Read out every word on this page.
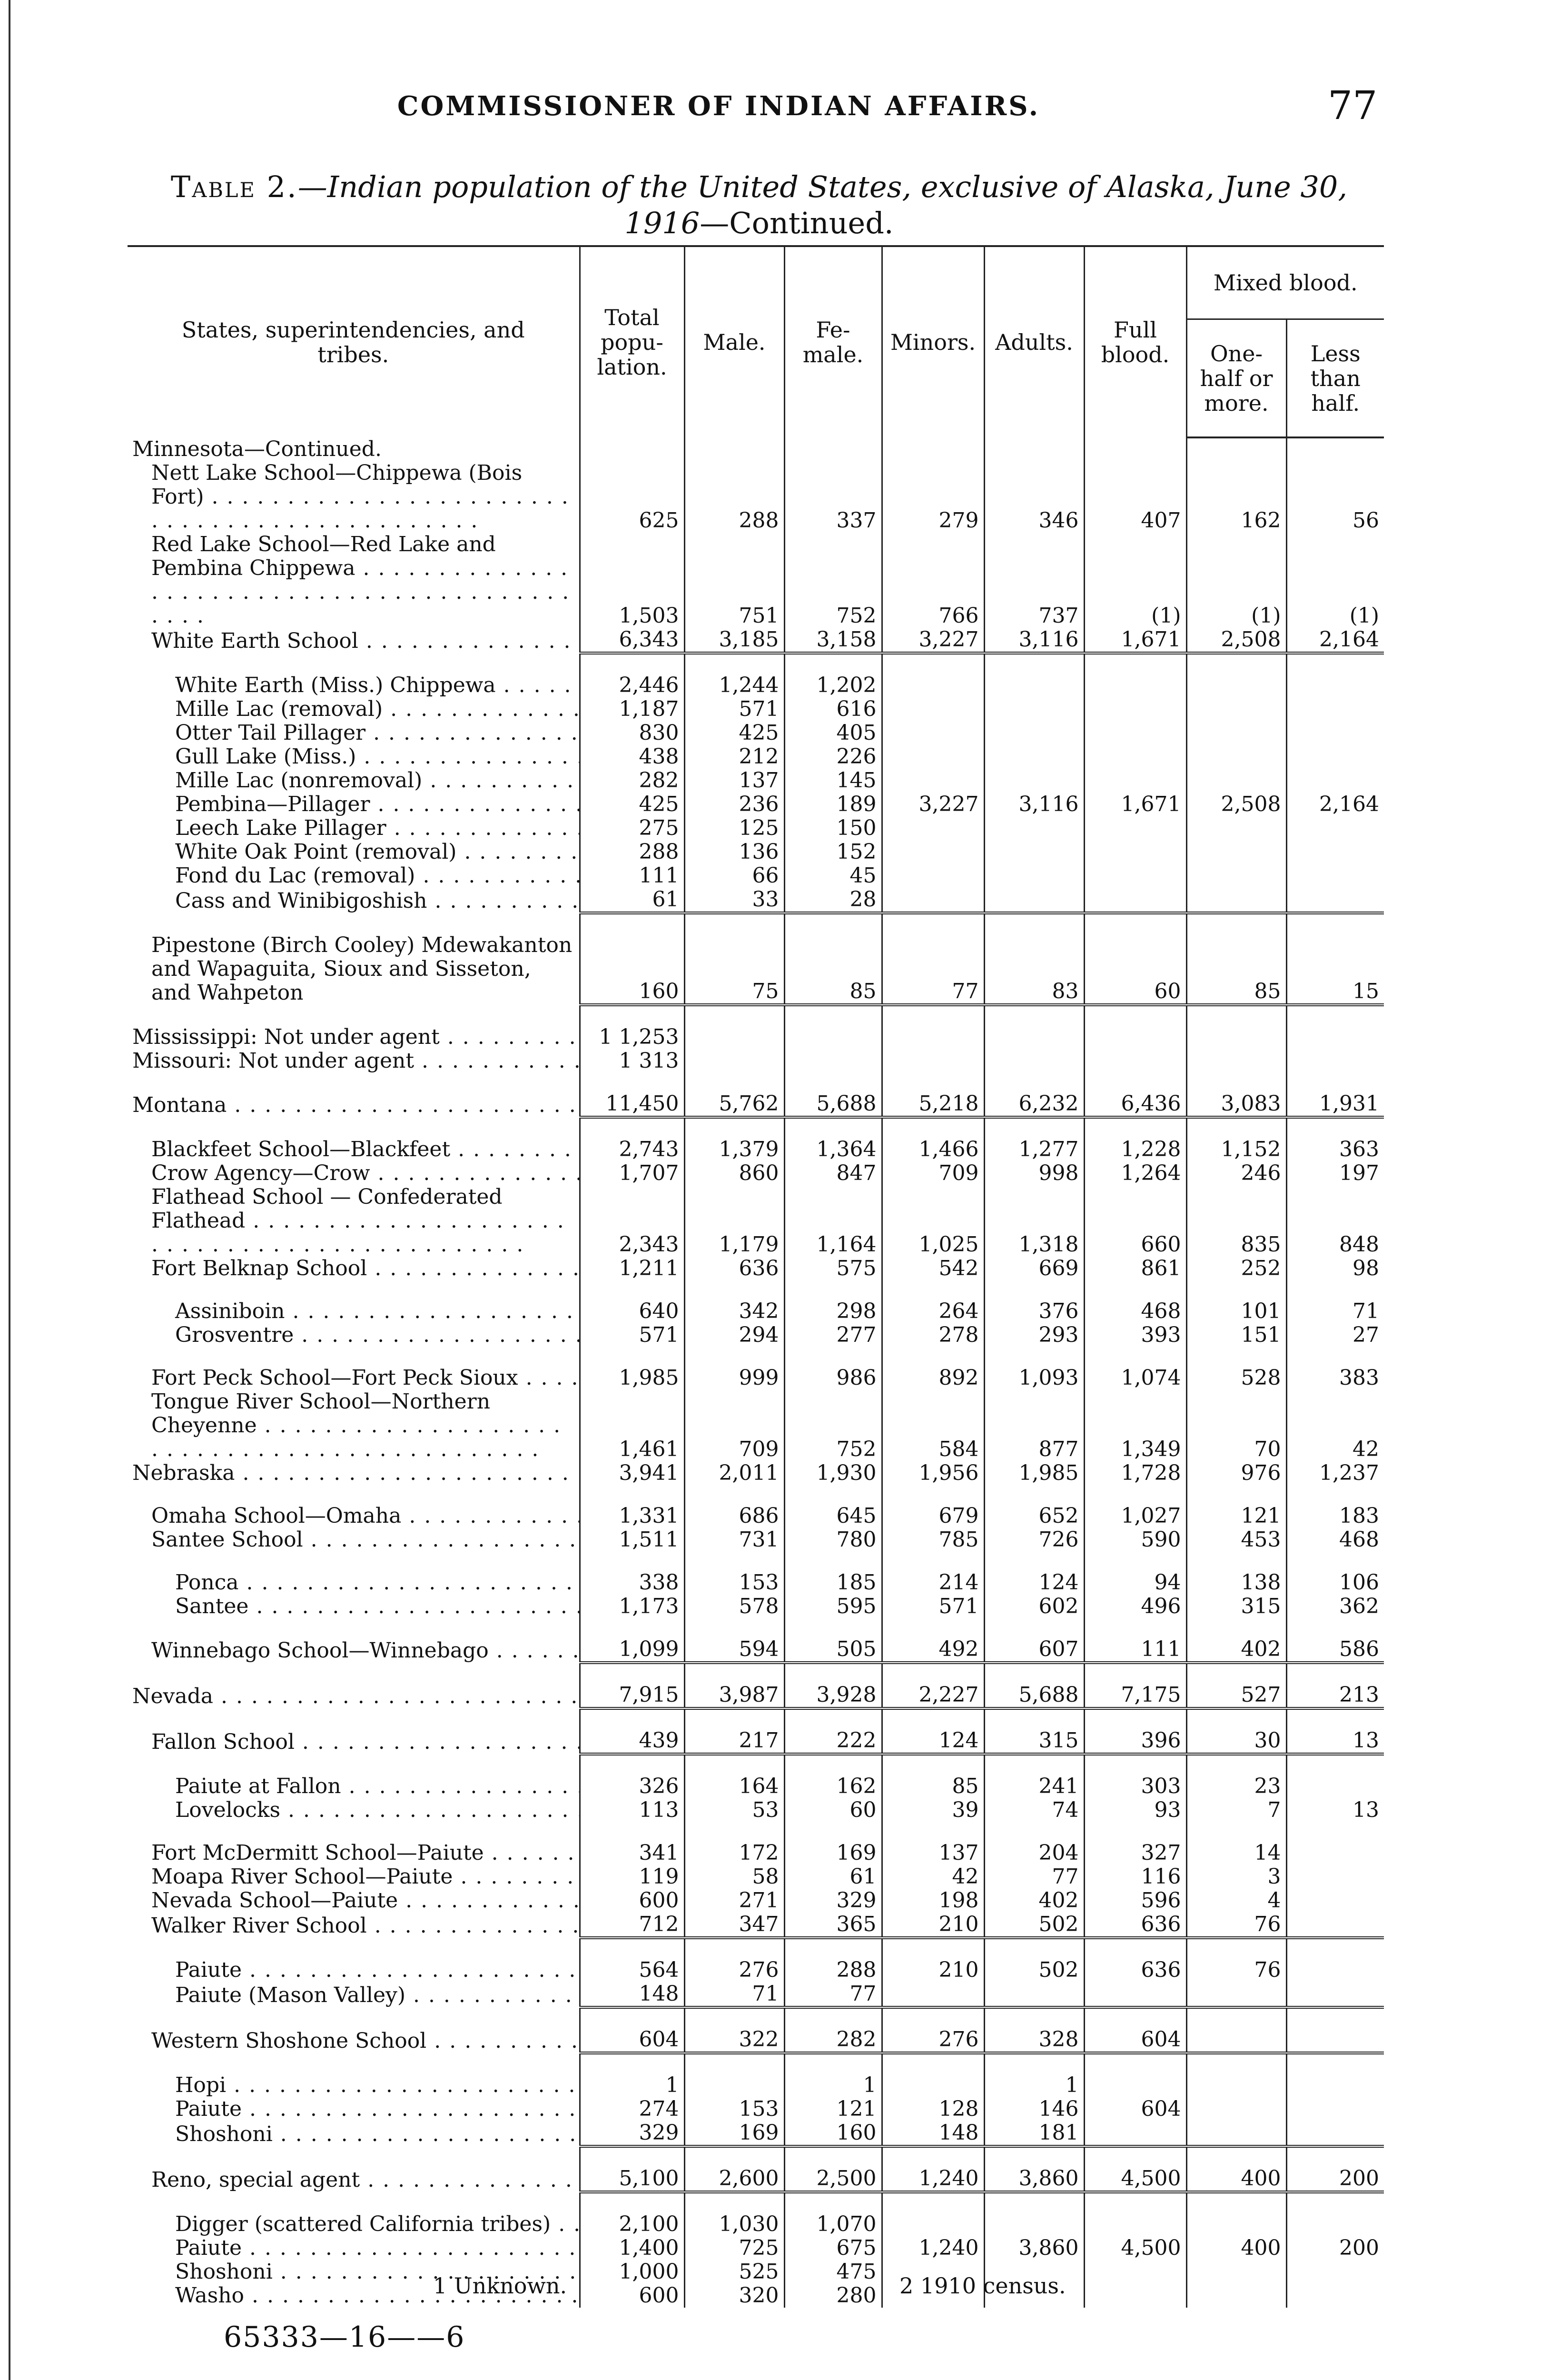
COMMISSIONER OF INDIAN AFFAIRS.	77
Table 2.—Indian population of the United States, exclusive of Alaska, June 30,
1916—Continued.
States, superintendencies, and tribes.	Total popu- lation.	Male.	Fe- male.	Minors.	Adults.	Full blood.	Mixed blood.	
							One- half or more.	Less than half.
Minnesota—Continued.								
Nett Lake School—Chippewa (Bois Fort) . . .	625	288	337	279	346	407	162	56
Red Lake School—Red Lake and Pembina Chippewa . . .	1,503	751	752	766	737	(1)	(1)	(1)
White Earth School . . .	6,343	3,185	3,158	3,227	3,116	1,671	2,508	2,164

White Earth (Miss.) Chippewa . . .	2,446	1,244	1,202					
Mille Lac (removal) . . .	1,187	571	616					
Otter Tail Pillager . . .	830	425	405					
Gull Lake (Miss.) . . .	438	212	226					
Mille Lac (nonremoval) . . .	282	137	145					
Pembina—Pillager . . .	425	236	189	3,227	3,116	1,671	2,508	2,164
Leech Lake Pillager . . .	275	125	150					
White Oak Point (removal) . . .	288	136	152					
Fond du Lac (removal) . . .	111	66	45					
Cass and Winibigoshish . . .	61	33	28					

Pipestone (Birch Cooley) Mdewakanton and Wapaguita, Sioux and Sisseton, and Wahpeton	160	75	85	77	83	60	85	15

Mississippi: Not under agent . . .	1 1,253							
Missouri: Not under agent . . .	1 313							

Montana . . .	11,450	5,762	5,688	5,218	6,232	6,436	3,083	1,931

Blackfeet School—Blackfeet . . .	2,743	1,379	1,364	1,466	1,277	1,228	1,152	363
Crow Agency—Crow . . .	1,707	860	847	709	998	1,264	246	197
Flathead School — Confederated Flathead . . .	2,343	1,179	1,164	1,025	1,318	660	835	848
Fort Belknap School . . .	1,211	636	575	542	669	861	252	98

Assiniboin . . .	640	342	298	264	376	468	101	71
Grosventre . . .	571	294	277	278	293	393	151	27

Fort Peck School—Fort Peck Sioux . . .	1,985	999	986	892	1,093	1,074	528	383
Tongue River School—Northern Cheyenne . . .	1,461	709	752	584	877	1,349	70	42
Nebraska . . .	3,941	2,011	1,930	1,956	1,985	1,728	976	1,237

Omaha School—Omaha . . .	1,331	686	645	679	652	1,027	121	183
Santee School . . .	1,511	731	780	785	726	590	453	468

Ponca . . .	338	153	185	214	124	94	138	106
Santee . . .	1,173	578	595	571	602	496	315	362

Winnebago School—Winnebago . . .	1,099	594	505	492	607	111	402	586

Nevada . . .	7,915	3,987	3,928	2,227	5,688	7,175	527	213

Fallon School . . .	439	217	222	124	315	396	30	13

Paiute at Fallon . . .	326	164	162	85	241	303	23	
Lovelocks . . .	113	53	60	39	74	93	7	13

Fort McDermitt School—Paiute . . .	341	172	169	137	204	327	14	
Moapa River School—Paiute . . .	119	58	61	42	77	116	3	
Nevada School—Paiute . . .	600	271	329	198	402	596	4	
Walker River School . . .	712	347	365	210	502	636	76	

Paiute . . .	564	276	288	210	502	636	76	
Paiute (Mason Valley) . . .	148	71	77					

Western Shoshone School . . .	604	322	282	276	328	604		

Hopi . . .	1		1		1			
Paiute . . .	274	153	121	128	146	604		
Shoshoni . . .	329	169	160	148	181			

Reno, special agent . . .	5,100	2,600	2,500	1,240	3,860	4,500	400	200

Digger (scattered California tribes) . . .	2,100	1,030	1,070					
Paiute . . .	1,400	725	675	1,240	3,860	4,500	400	200
Shoshoni . . .	1,000	525	475					
Washo . . .	600	320	280					
1 Unknown.	2 1910 census.
65333—16——6
